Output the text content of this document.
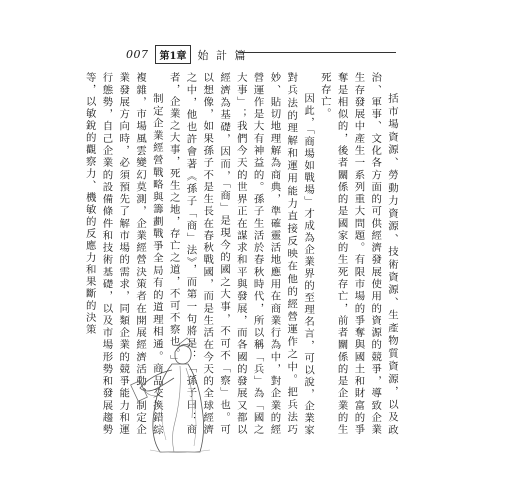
007	第1章	始 計 篇

括市場資源、勞動力資源、技術資源、生產物質資源，以及政治、軍事、文化各方面的可供經濟發展使用的資源的競爭，導致企業生存發展中產生一系列重大問題。有限市場的爭奪與國土和財富的爭奪是相似的，後者關係的是國家的生死存亡，前者關係的是企業的生死存亡。

因此，「商場如戰場」才成為企業界的至理名言，可以說，企業家對兵法的理解和運用能力直接反映在他的經營運作之中。把兵法巧妙、貼切地理解為商典，準確靈活地應用在商業行為中，對企業的經營運作是大有神益的。孫子生活於春秋時代，所以稱「兵」為「國之大事」；我們今天的世界正在謀求和平與發展，而各國的發展又都以經濟為基礎，因而，「商」是現今的國之大事，不可不「察」也。可以想像，如果孫子不是生長在春秋戰國，而是生活在今天的全球經濟之中，他也許會著《孫子「商」法》，而第一句將是：「孫子曰：商者，企業之大事，死生之地，存亡之道，不可不察也。」

制定企業經營戰略與籌劃戰爭全局有的道理相通。商品交換錯綜複雜，市場風雲變幻莫測，企業經營決策者在開展經濟活動、制定企業發展方向時，必須預先了解市場的需求，同類企業的競爭能力和運行態勢，自己企業的設備條件和技術基礎，以及市場形勢和發展趨勢等，以敏銳的觀察力、機敏的反應力和果斷的決策
